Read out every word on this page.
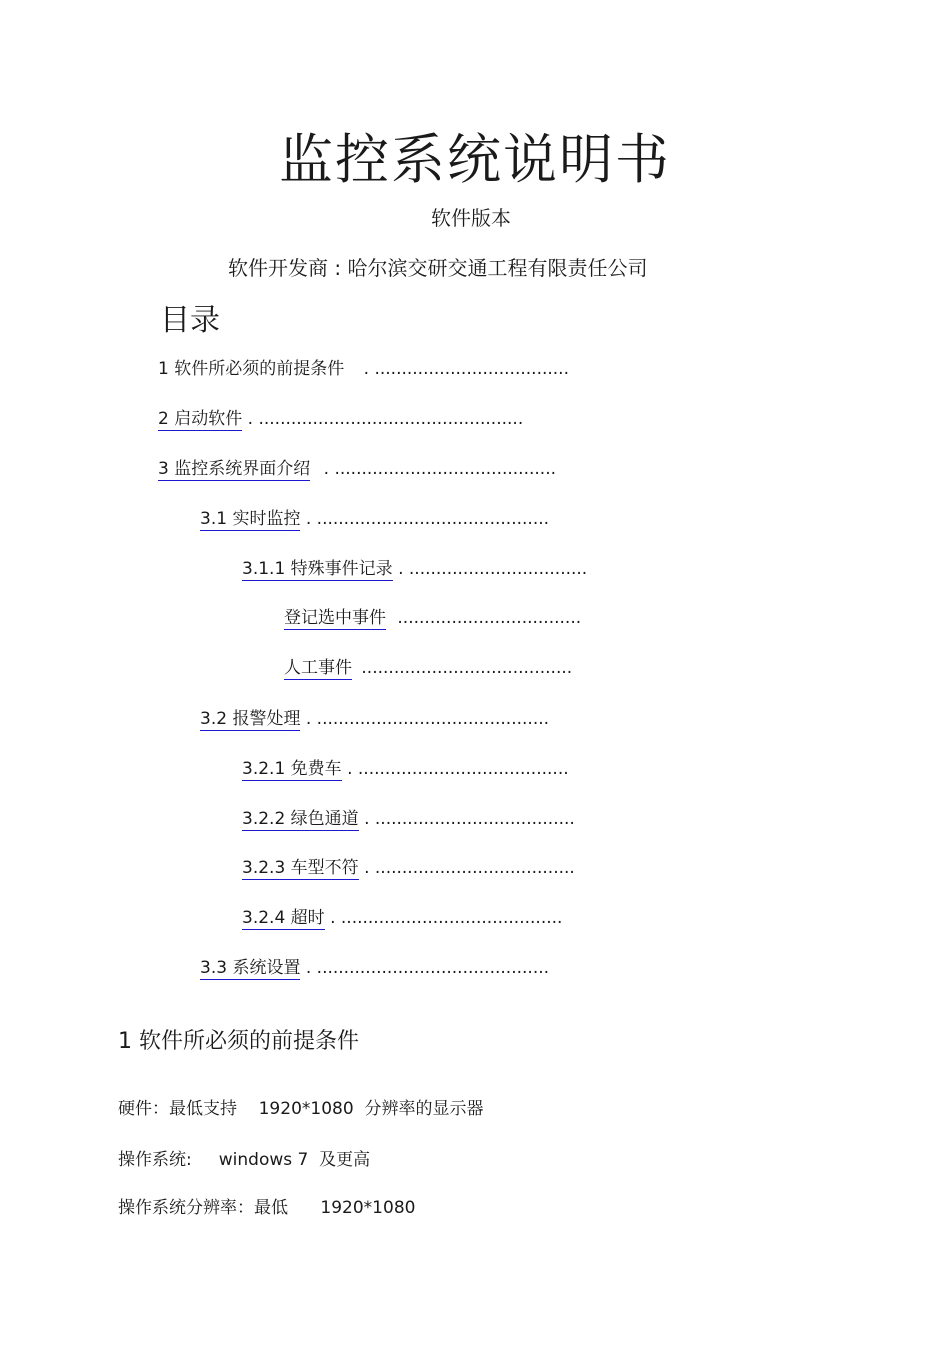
监控系统说明书
软件版本
软件开发商 : 哈尔滨交研交通工程有限责任公司
目录
1 软件所必须的前提条件 . ....................................
2 启动软件 . .................................................
3 监控系统界面介绍 . .........................................
3.1 实时监控 . ...........................................
3.1.1 特殊事件记录 . .................................
登记选中事件 ..................................
人工事件 .......................................
3.2 报警处理 . ...........................................
3.2.1 免费车 . .......................................
3.2.2 绿色通道 . .....................................
3.2.3 车型不符 . .....................................
3.2.4 超时 . .........................................
3.3 系统设置 . ...........................................
1 软件所必须的前提条件
硬件：最低支持    1920*1080  分辨率的显示器
操作系统:     windows 7  及更高
操作系统分辨率：最低      1920*1080
